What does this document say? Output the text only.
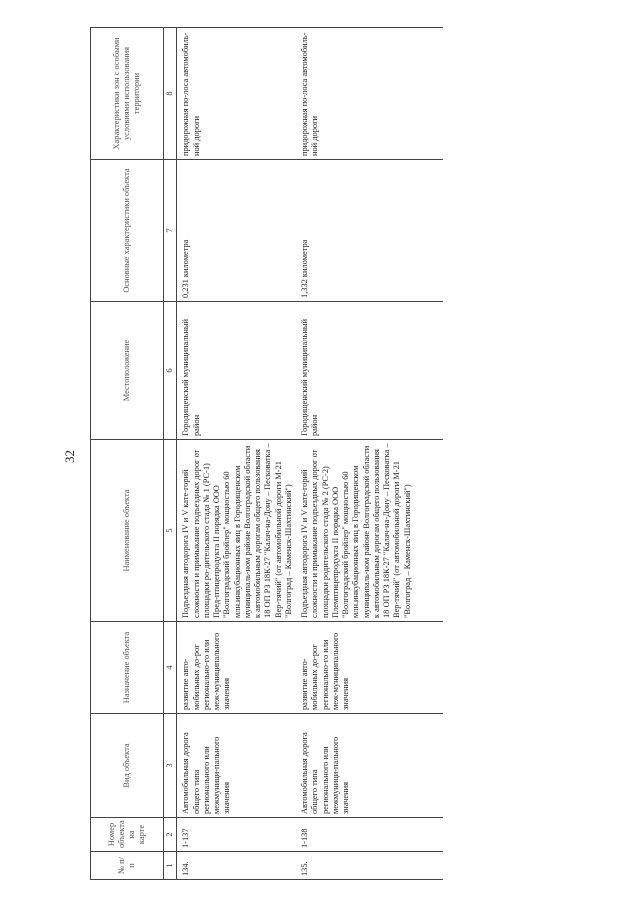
32
№ п/п	Номер объекта на карте	Вид объекта	Назначение объекта	Наименование объекта	Местоположение	Основные характеристики объекта	Характеристики зон с особыми условиями использования территории
1	2	3	4	5	6	7	8
134.	1-137	Автомобильная дорога общего типа регионального или межмуници-пального значения	развитие авто-мобильных до-рог регионально-го или меж-муниципального значения	Подъездная автодорога IV и V кате-горий сложности и примыкание подъездных дорог от площадки ро-дительского стада № 1 (РС-1) Пред-птицепродукта II порядка ООО "Волгоградский бройлер" мощностью 60 млн.инкубационных яиц в Городищенском муниципаль-ном районе Волгоградской области к автомобильным дорогам общего пользования 18 ОП РЗ 18К-27 "Калач-на-Дону – Песковатка – Вер-тячий" (от автомобильной дороги М-21 "Волгоград – Каменск-Шахтинский")	Городищенский муниципальный район	0,231 километра	придорожная по-лоса автомобиль-ной дороги
135.	1-138	Автомобильная дорога общего типа регионального или межмуници-пального значения	развитие авто-мобильных до-рог регионально-го или меж-муниципального значения	Подъездная автодорога IV и V кате-горий сложности и примыкание подъездных дорог от площадки родительского стада № 2 (РС-2) Племптицепродукта II порядка ООО "Волгоградский бройлер" мощностью 60 млн.инкубационных яиц в Городищенском муниципаль-ном районе Волгоградской области к автомобильным дорогам общего пользования 18 ОП РЗ 18К-27 "Калач-на-Дону – Песковатка – Вер-тячий" (от автомобильной дороги М-21 "Волгоград – Каменск-Шахтинский")	Городищенский муниципальный район	1,332 километра	придорожная по-лоса автомобиль-ной дороги
